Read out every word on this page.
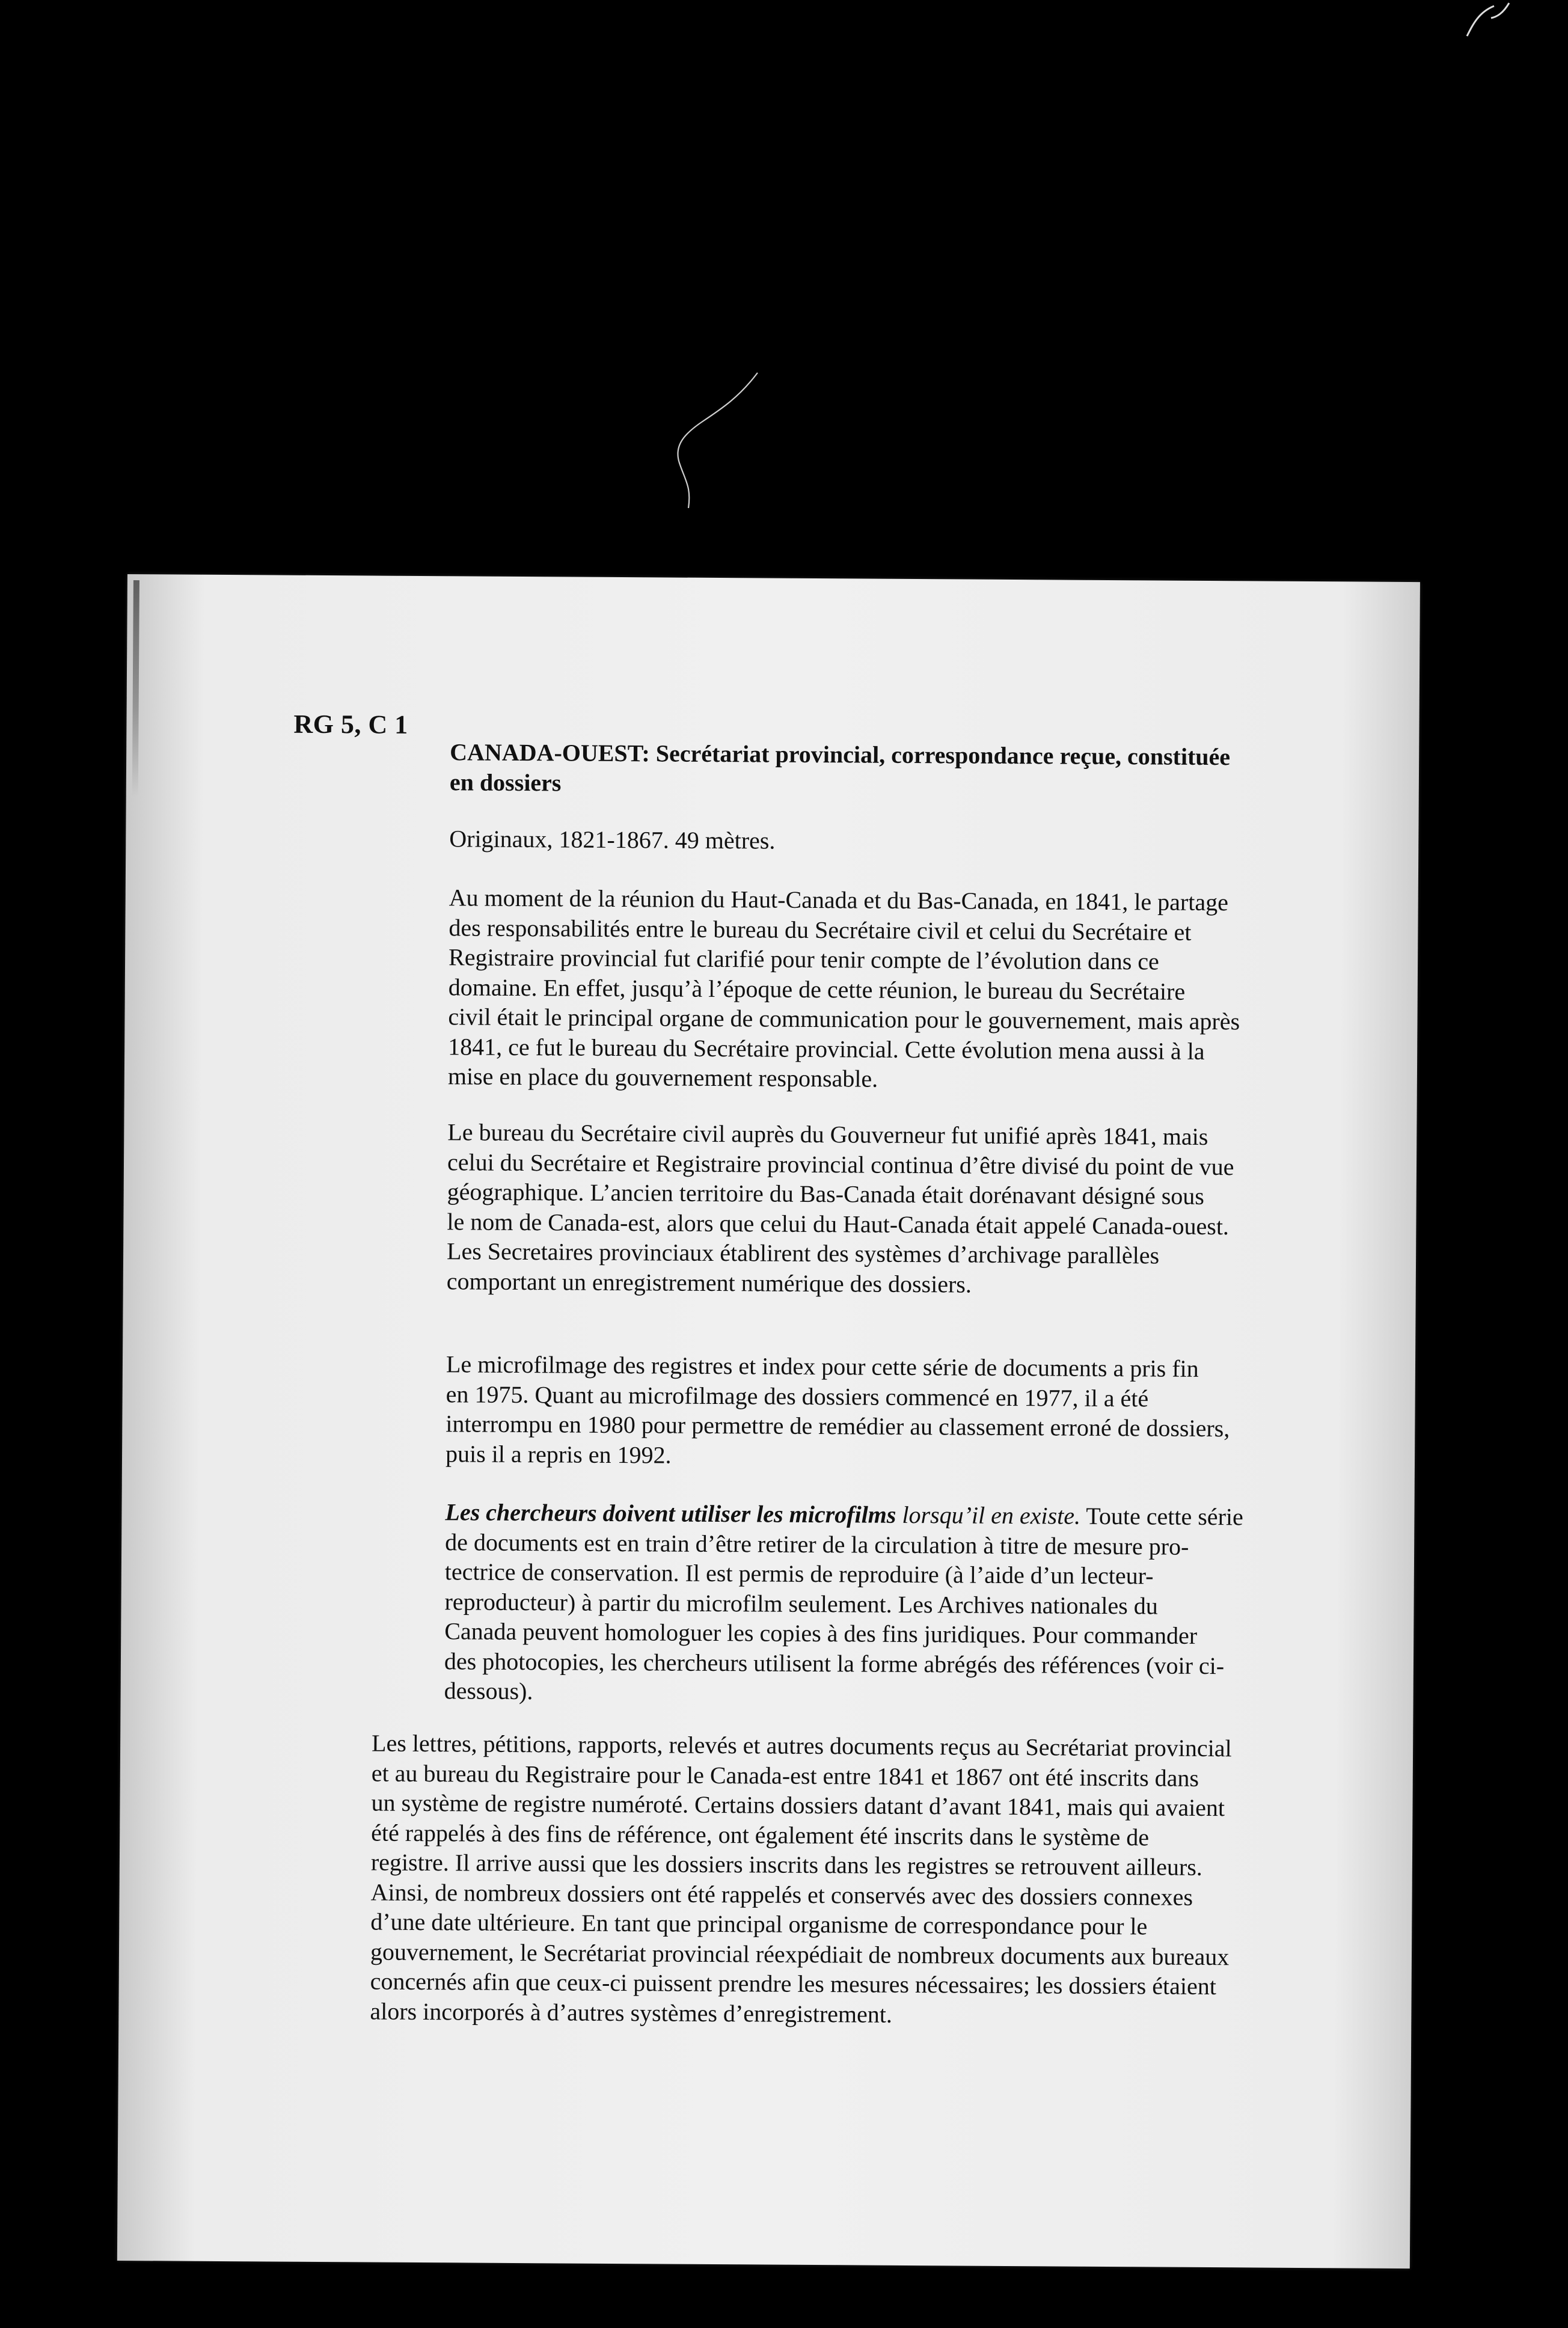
RG 5, C 1
CANADA-OUEST: Secrétariat provincial, correspondance reçue, constituée
en dossiers
Originaux, 1821-1867. 49 mètres.
Au moment de la réunion du Haut-Canada et du Bas-Canada, en 1841, le partage
des responsabilités entre le bureau du Secrétaire civil et celui du Secrétaire et
Registraire provincial fut clarifié pour tenir compte de l’évolution dans ce
domaine. En effet, jusqu’à l’époque de cette réunion, le bureau du Secrétaire
civil était le principal organe de communication pour le gouvernement, mais après
1841, ce fut le bureau du Secrétaire provincial. Cette évolution mena aussi à la
mise en place du gouvernement responsable.
Le bureau du Secrétaire civil auprès du Gouverneur fut unifié après 1841, mais
celui du Secrétaire et Registraire provincial continua d’être divisé du point de vue
géographique. L’ancien territoire du Bas-Canada était dorénavant désigné sous
le nom de Canada-est, alors que celui du Haut-Canada était appelé Canada-ouest.
Les Secretaires provinciaux établirent des systèmes d’archivage parallèles
comportant un enregistrement numérique des dossiers.
Le microfilmage des registres et index pour cette série de documents a pris fin
en 1975. Quant au microfilmage des dossiers commencé en 1977, il a été
interrompu en 1980 pour permettre de remédier au classement erroné de dossiers,
puis il a repris en 1992.
Les chercheurs doivent utiliser les microfilms lorsqu’il en existe. Toute cette série
de documents est en train d’être retirer de la circulation à titre de mesure pro-
tectrice de conservation. Il est permis de reproduire (à l’aide d’un lecteur-
reproducteur) à partir du microfilm seulement. Les Archives nationales du
Canada peuvent homologuer les copies à des fins juridiques. Pour commander
des photocopies, les chercheurs utilisent la forme abrégés des références (voir ci-
dessous).
Les lettres, pétitions, rapports, relevés et autres documents reçus au Secrétariat provincial
et au bureau du Registraire pour le Canada-est entre 1841 et 1867 ont été inscrits dans
un système de registre numéroté. Certains dossiers datant d’avant 1841, mais qui avaient
été rappelés à des fins de référence, ont également été inscrits dans le système de
registre. Il arrive aussi que les dossiers inscrits dans les registres se retrouvent ailleurs.
Ainsi, de nombreux dossiers ont été rappelés et conservés avec des dossiers connexes
d’une date ultérieure. En tant que principal organisme de correspondance pour le
gouvernement, le Secrétariat provincial réexpédiait de nombreux documents aux bureaux
concernés afin que ceux-ci puissent prendre les mesures nécessaires; les dossiers étaient
alors incorporés à d’autres systèmes d’enregistrement.
